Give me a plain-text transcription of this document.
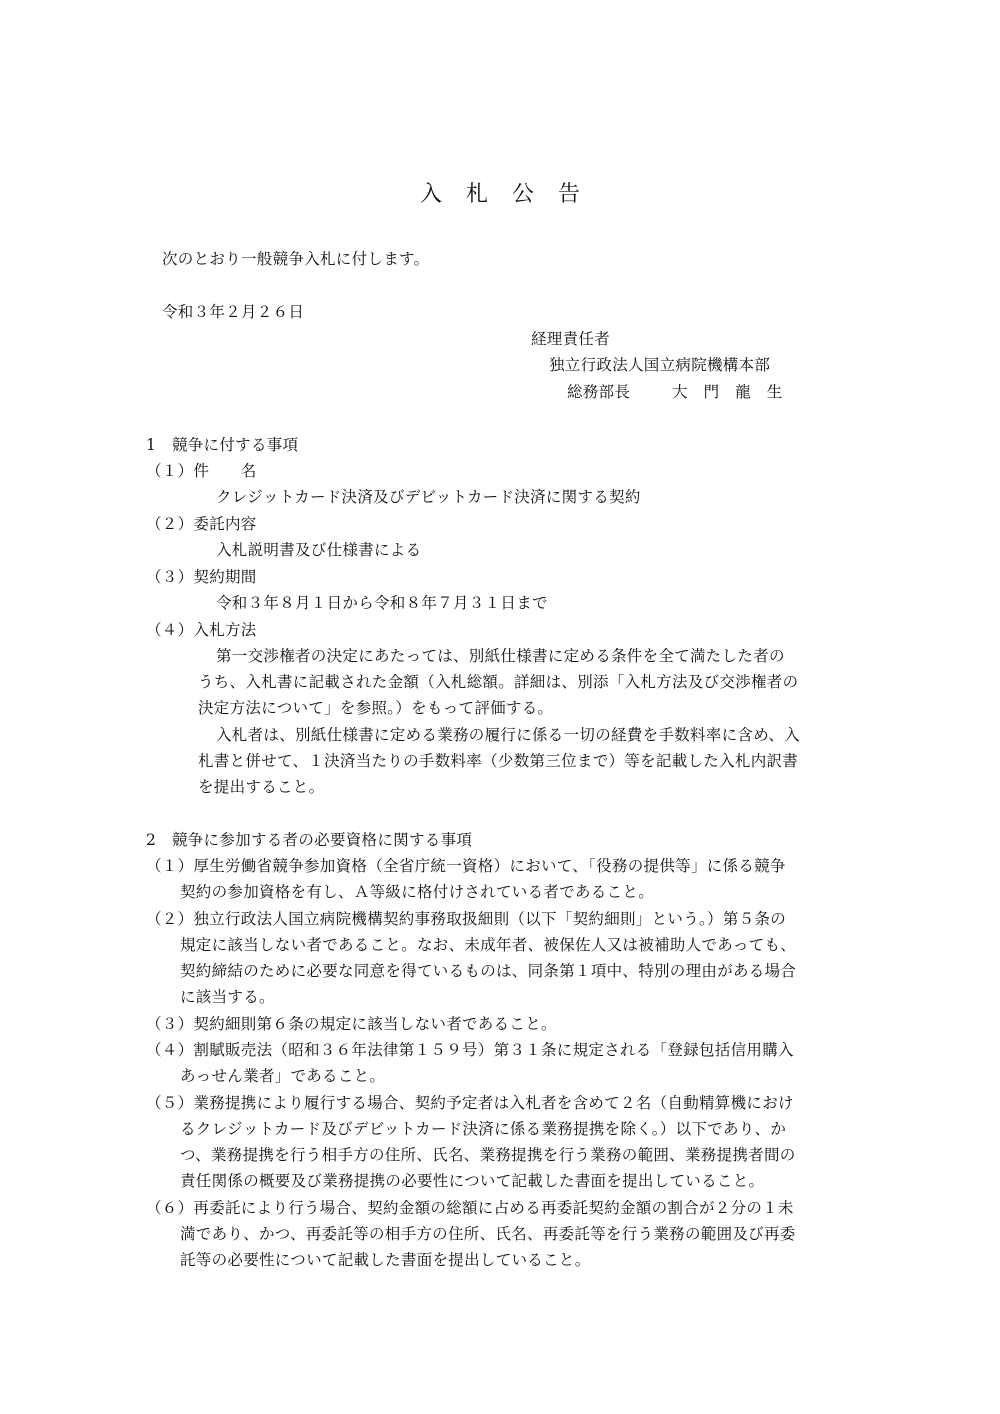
入札公告
次のとおり一般競争入札に付します。
令和３年２月２６日
経理責任者
独立行政法人国立病院機構本部
総務部長	大　門　龍　生
1　競争に付する事項
（１）件　　名
クレジットカード決済及びデビットカード決済に関する契約
（２）委託内容
入札説明書及び仕様書による
（３）契約期間
令和３年８月１日から令和８年７月３１日まで
（４）入札方法
第一交渉権者の決定にあたっては、別紙仕様書に定める条件を全て満たした者の
うち、入札書に記載された金額（入札総額。詳細は、別添「入札方法及び交渉権者の
決定方法について」を参照。）をもって評価する。
入札者は、別紙仕様書に定める業務の履行に係る一切の経費を手数料率に含め、入
札書と併せて、１決済当たりの手数料率（少数第三位まで）等を記載した入札内訳書
を提出すること。
2　競争に参加する者の必要資格に関する事項
（１）厚生労働省競争参加資格（全省庁統一資格）において、「役務の提供等」に係る競争
契約の参加資格を有し、Ａ等級に格付けされている者であること。
（２）独立行政法人国立病院機構契約事務取扱細則（以下「契約細則」という。）第５条の
規定に該当しない者であること。なお、未成年者、被保佐人又は被補助人であっても、
契約締結のために必要な同意を得ているものは、同条第１項中、特別の理由がある場合
に該当する。
（３）契約細則第６条の規定に該当しない者であること。
（４）割賦販売法（昭和３６年法律第１５９号）第３１条に規定される「登録包括信用購入
あっせん業者」であること。
（５）業務提携により履行する場合、契約予定者は入札者を含めて２名（自動精算機におけ
るクレジットカード及びデビットカード決済に係る業務提携を除く。）以下であり、か
つ、業務提携を行う相手方の住所、氏名、業務提携を行う業務の範囲、業務提携者間の
責任関係の概要及び業務提携の必要性について記載した書面を提出していること。
（６）再委託により行う場合、契約金額の総額に占める再委託契約金額の割合が２分の１未
満であり、かつ、再委託等の相手方の住所、氏名、再委託等を行う業務の範囲及び再委
託等の必要性について記載した書面を提出していること。
